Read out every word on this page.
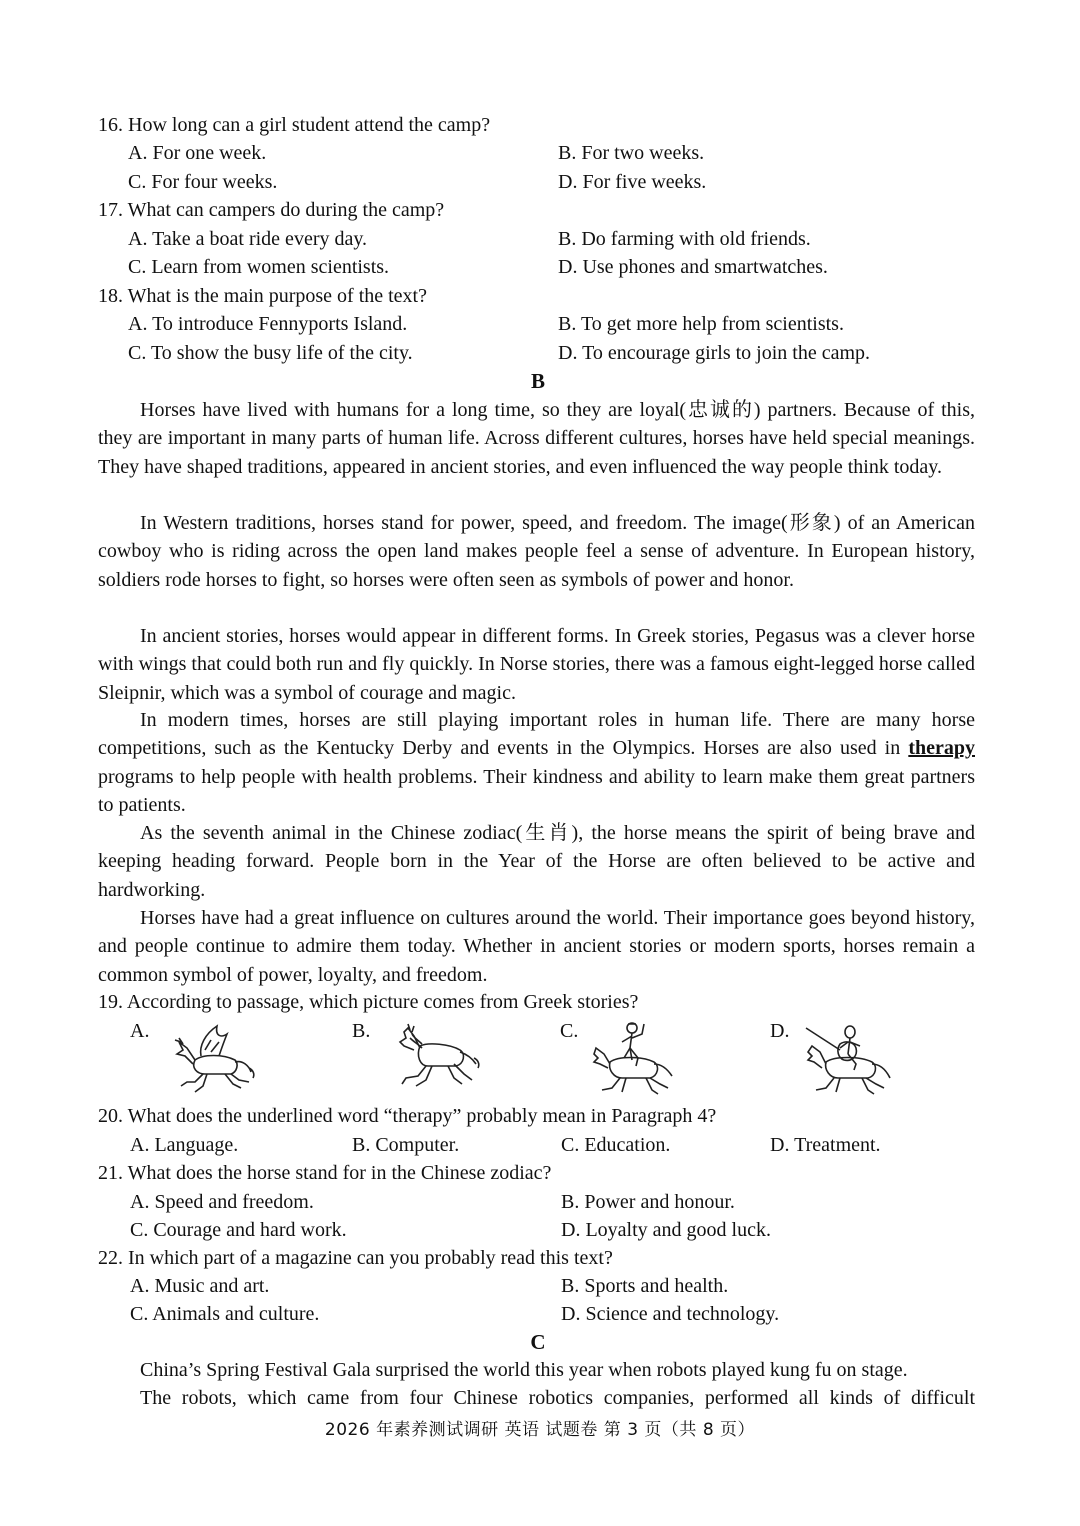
16. How long can a girl student attend the camp?
A. For one week.	B. For two weeks.
C. For four weeks.	D. For five weeks.
17. What can campers do during the camp?
A. Take a boat ride every day.	B. Do farming with old friends.
C. Learn from women scientists.	D. Use phones and smartwatches.
18. What is the main purpose of the text?
A. To introduce Fennyports Island.	B. To get more help from scientists.
C. To show the busy life of the city.	D. To encourage girls to join the camp.
B
Horses have lived with humans for a long time, so they are loyal(忠诚的) partners. Because of this, they are important in many parts of human life. Across different cultures, horses have held special meanings. They have shaped traditions, appeared in ancient stories, and even influenced the way people think today.
In Western traditions, horses stand for power, speed, and freedom. The image(形象) of an American cowboy who is riding across the open land makes people feel a sense of adventure. In European history, soldiers rode horses to fight, so horses were often seen as symbols of power and honor.
In ancient stories, horses would appear in different forms. In Greek stories, Pegasus was a clever horse with wings that could both run and fly quickly. In Norse stories, there was a famous eight-legged horse called Sleipnir, which was a symbol of courage and magic.
In modern times, horses are still playing important roles in human life. There are many horse competitions, such as the Kentucky Derby and events in the Olympics. Horses are also used in therapy programs to help people with health problems. Their kindness and ability to learn make them great partners to patients.
As the seventh animal in the Chinese zodiac(生肖), the horse means the spirit of being brave and keeping heading forward. People born in the Year of the Horse are often believed to be active and hardworking.
Horses have had a great influence on cultures around the world. Their importance goes beyond history, and people continue to admire them today. Whether in ancient stories or modern sports, horses remain a common symbol of power, loyalty, and freedom.
19. According to passage, which picture comes from Greek stories?
A.	B.	C.	D.
20. What does the underlined word “therapy” probably mean in Paragraph 4?
A. Language.	B. Computer.	C. Education.	D. Treatment.
21. What does the horse stand for in the Chinese zodiac?
A. Speed and freedom.	B. Power and honour.
C. Courage and hard work.	D. Loyalty and good luck.
22. In which part of a magazine can you probably read this text?
A. Music and art.	B. Sports and health.
C. Animals and culture.	D. Science and technology.
C
China’s Spring Festival Gala surprised the world this year when robots played kung fu on stage.
The robots, which came from four Chinese robotics companies, performed all kinds of difficult
2026 年素养测试调研 英语 试题卷 第 3 页（共 8 页）
